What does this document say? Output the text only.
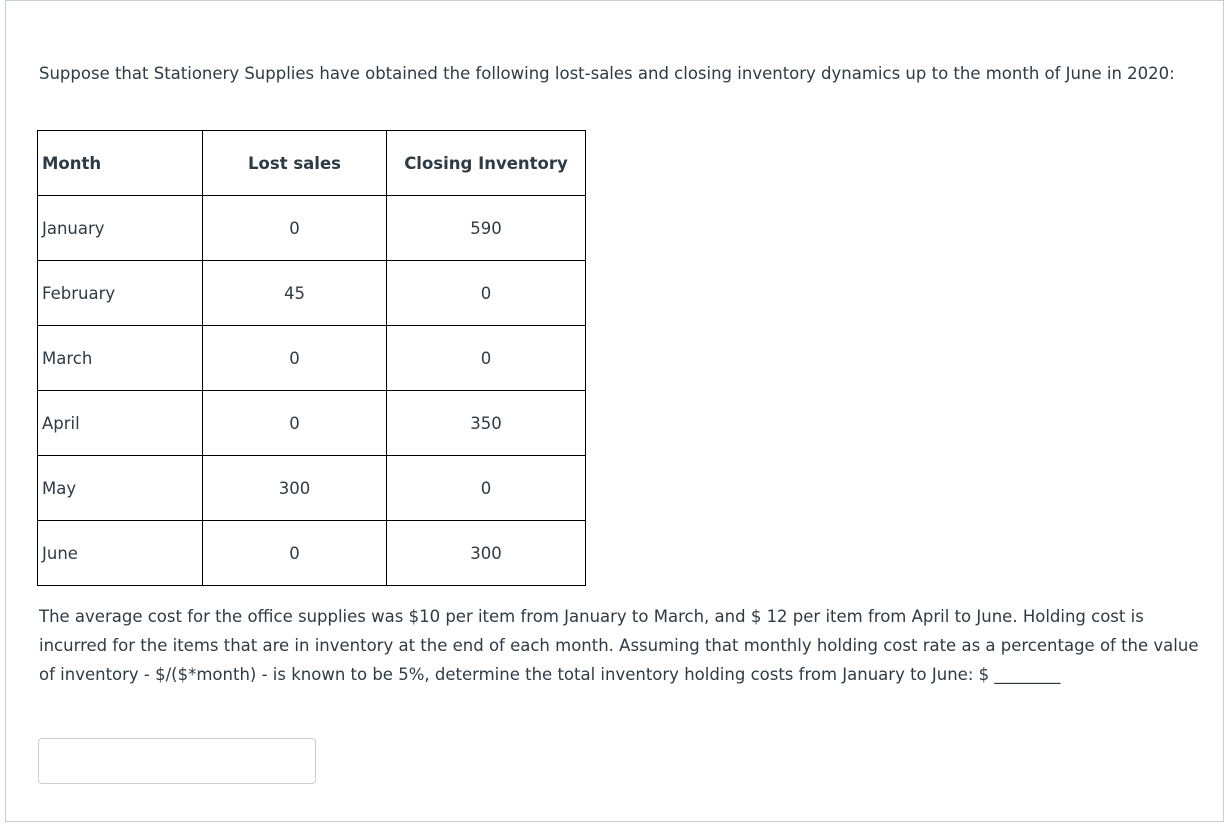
Suppose that Stationery Supplies have obtained the following lost-sales and closing inventory dynamics up to the month of June in 2020:

Month	Lost sales	Closing Inventory
January	0	590
February	45	0
March	0	0
April	0	350
May	300	0
June	0	300

The average cost for the office supplies was $10 per item from January to March, and $ 12 per item from April to June. Holding cost is incurred for the items that are in inventory at the end of each month. Assuming that monthly holding cost rate as a percentage of the value of inventory - $/($*month) - is known to be 5%, determine the total inventory holding costs from January to June: $ ________
